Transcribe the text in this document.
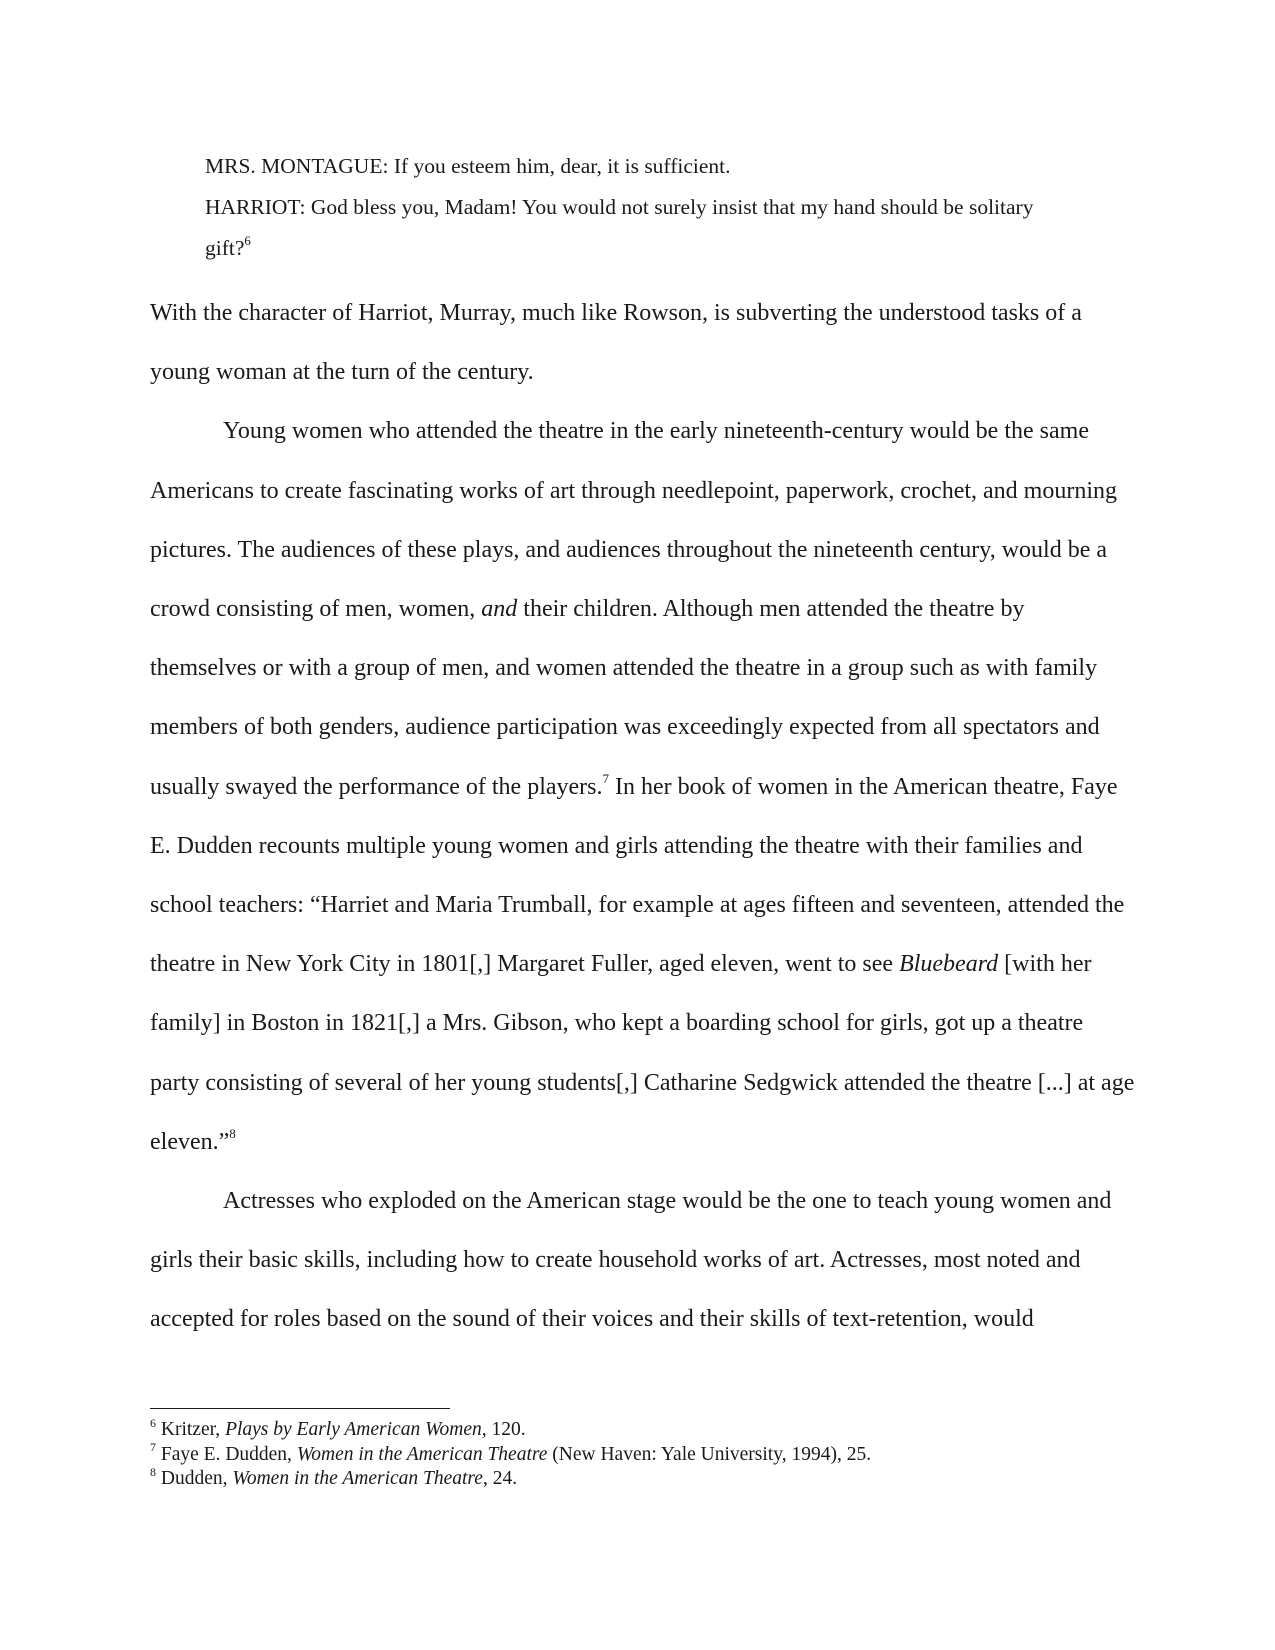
MRS. MONTAGUE: If you esteem him, dear, it is sufficient.

HARRIOT: God bless you, Madam! You would not surely insist that my hand should be solitary

gift?$^6$

With the character of Harriot, Murray, much like Rowson, is subverting the understood tasks of a young woman at the turn of the century.

Young women who attended the theatre in the early nineteenth-century would be the same Americans to create fascinating works of art through needlepoint, paperwork, crochet, and mourning pictures. The audiences of these plays, and audiences throughout the nineteenth century, would be a crowd consisting of men, women, and their children. Although men attended the theatre by themselves or with a group of men, and women attended the theatre in a group such as with family members of both genders, audience participation was exceedingly expected from all spectators and usually swayed the performance of the players.$^7$ In her book of women in the American theatre, Faye E. Dudden recounts multiple young women and girls attending the theatre with their families and school teachers: “Harriet and Maria Trumball, for example at ages fifteen and seventeen, attended the theatre in New York City in 1801[,] Margaret Fuller, aged eleven, went to see Bluebeard [with her family] in Boston in 1821[,] a Mrs. Gibson, who kept a boarding school for girls, got up a theatre party consisting of several of her young students[,] Catharine Sedgwick attended the theatre [...] at age eleven.”$^8$

Actresses who exploded on the American stage would be the one to teach young women and girls their basic skills, including how to create household works of art. Actresses, most noted and accepted for roles based on the sound of their voices and their skills of text-retention, would

$^6$ Kritzer, Plays by Early American Women, 120.

$^7$ Faye E. Dudden, Women in the American Theatre (New Haven: Yale University, 1994), 25.

$^8$ Dudden, Women in the American Theatre, 24.
